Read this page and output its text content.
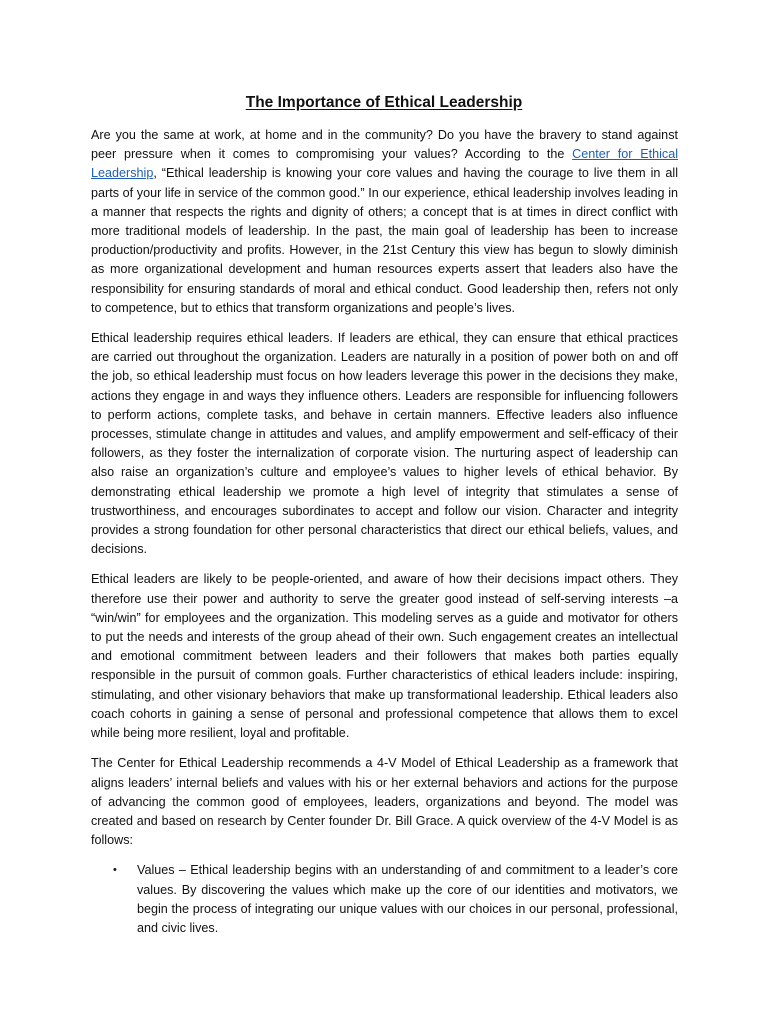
The Importance of Ethical Leadership

Are you the same at work, at home and in the community? Do you have the bravery to stand against peer pressure when it comes to compromising your values? According to the Center for Ethical Leadership, “Ethical leadership is knowing your core values and having the courage to live them in all parts of your life in service of the common good.” In our experience, ethical leadership involves leading in a manner that respects the rights and dignity of others; a concept that is at times in direct conflict with more traditional models of leadership. In the past, the main goal of leadership has been to increase production/productivity and profits. However, in the 21st Century this view has begun to slowly diminish as more organizational development and human resources experts assert that leaders also have the responsibility for ensuring standards of moral and ethical conduct. Good leadership then, refers not only to competence, but to ethics that transform organizations and people’s lives.

Ethical leadership requires ethical leaders. If leaders are ethical, they can ensure that ethical practices are carried out throughout the organization. Leaders are naturally in a position of power both on and off the job, so ethical leadership must focus on how leaders leverage this power in the decisions they make, actions they engage in and ways they influence others. Leaders are responsible for influencing followers to perform actions, complete tasks, and behave in certain manners. Effective leaders also influence processes, stimulate change in attitudes and values, and amplify empowerment and self-efficacy of their followers, as they foster the internalization of corporate vision. The nurturing aspect of leadership can also raise an organization’s culture and employee’s values to higher levels of ethical behavior. By demonstrating ethical leadership we promote a high level of integrity that stimulates a sense of trustworthiness, and encourages subordinates to accept and follow our vision. Character and integrity provides a strong foundation for other personal characteristics that direct our ethical beliefs, values, and decisions.

Ethical leaders are likely to be people-oriented, and aware of how their decisions impact others. They therefore use their power and authority to serve the greater good instead of self-serving interests –a “win/win” for employees and the organization. This modeling serves as a guide and motivator for others to put the needs and interests of the group ahead of their own. Such engagement creates an intellectual and emotional commitment between leaders and their followers that makes both parties equally responsible in the pursuit of common goals. Further characteristics of ethical leaders include: inspiring, stimulating, and other visionary behaviors that make up transformational leadership. Ethical leaders also coach cohorts in gaining a sense of personal and professional competence that allows them to excel while being more resilient, loyal and profitable.

The Center for Ethical Leadership recommends a 4-V Model of Ethical Leadership as a framework that aligns leaders’ internal beliefs and values with his or her external behaviors and actions for the purpose of advancing the common good of employees, leaders, organizations and beyond. The model was created and based on research by Center founder Dr. Bill Grace. A quick overview of the 4-V Model is as follows:

• Values – Ethical leadership begins with an understanding of and commitment to a leader’s core values. By discovering the values which make up the core of our identities and motivators, we begin the process of integrating our unique values with our choices in our personal, professional, and civic lives.
